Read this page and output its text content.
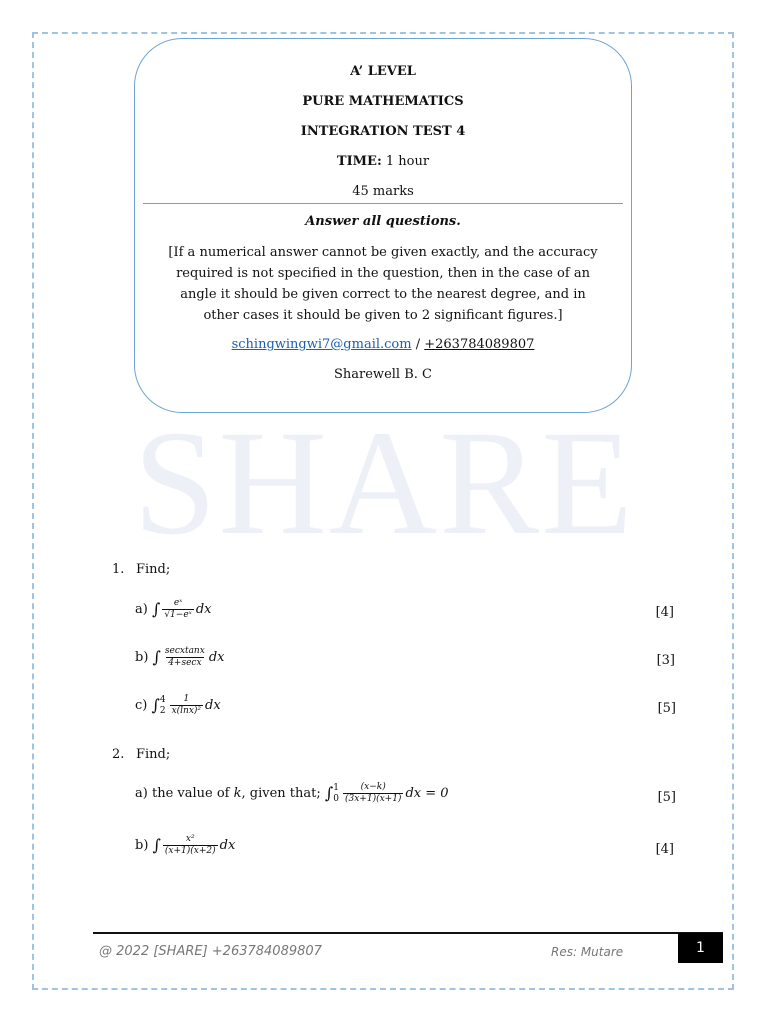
SHARE
A’ LEVEL
PURE MATHEMATICS
INTEGRATION TEST 4
TIME: 1 hour
45 marks
Answer all questions.
[If a numerical answer cannot be given exactly, and the accuracy required is not specified in the question, then in the case of an angle it should be given correct to the nearest degree, and in other cases it should be given to 2 significant figures.]
schingwingwi7@gmail.com / +263784089807
Sharewell B. C
1. Find;
a) ∫ $\frac{\text{eˣ}}{\text{√1−eˣ}}$ dx	[4]
b) ∫ $\frac{\text{secxtanx}}{4+\sec x}$ dx	[3]
c) ∫ 4
$2 \frac{1}{\text{x(lnx)²}}$ dx	[5]
2. Find;
a) the value of k, given that; ∫ 1
$0 \frac{(x-k)}{(3x+1)(x+1)}$ dx = 0	[5]
b) ∫ $\frac{\text{x²}}{(x+1)(x+2)}$ dx	[4]
@ 2022 [SHARE] +263784089807	Res: Mutare	1
